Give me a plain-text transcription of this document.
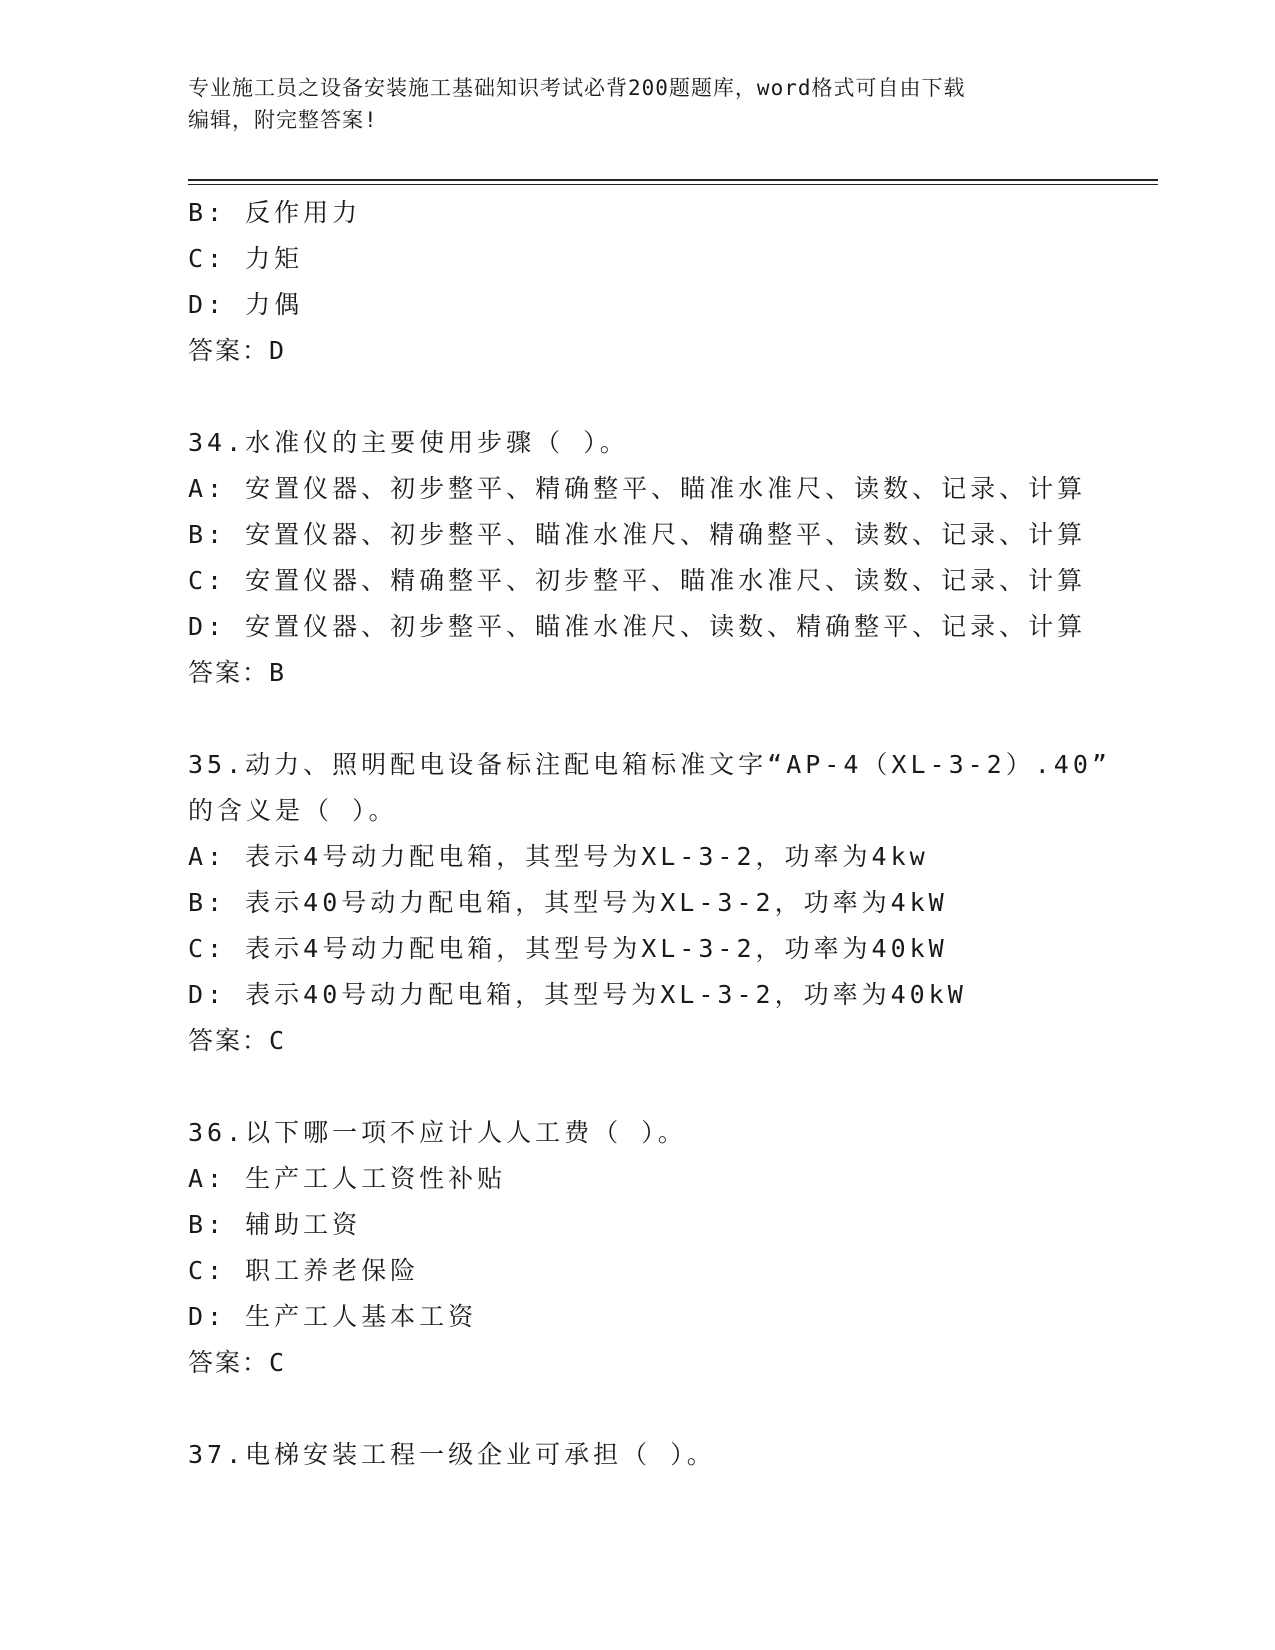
专业施工员之设备安装施工基础知识考试必背200题题库，word格式可自由下载
编辑，附完整答案!
B: 反作用力
C: 力矩
D: 力偶
答案：D
34.水准仪的主要使用步骤（ ）。
A: 安置仪器、初步整平、精确整平、瞄准水准尺、读数、记录、计算
B: 安置仪器、初步整平、瞄准水准尺、精确整平、读数、记录、计算
C: 安置仪器、精确整平、初步整平、瞄准水准尺、读数、记录、计算
D: 安置仪器、初步整平、瞄准水准尺、读数、精确整平、记录、计算
答案：B
35.动力、照明配电设备标注配电箱标准文字“AP-4（XL-3-2）.40”
的含义是（ ）。
A: 表示4号动力配电箱，其型号为XL-3-2，功率为4kw
B: 表示40号动力配电箱，其型号为XL-3-2，功率为4kW
C: 表示4号动力配电箱，其型号为XL-3-2，功率为40kW
D: 表示40号动力配电箱，其型号为XL-3-2，功率为40kW
答案：C
36.以下哪一项不应计人人工费（ ）。
A: 生产工人工资性补贴
B: 辅助工资
C: 职工养老保险
D: 生产工人基本工资
答案：C
37.电梯安装工程一级企业可承担（ ）。
